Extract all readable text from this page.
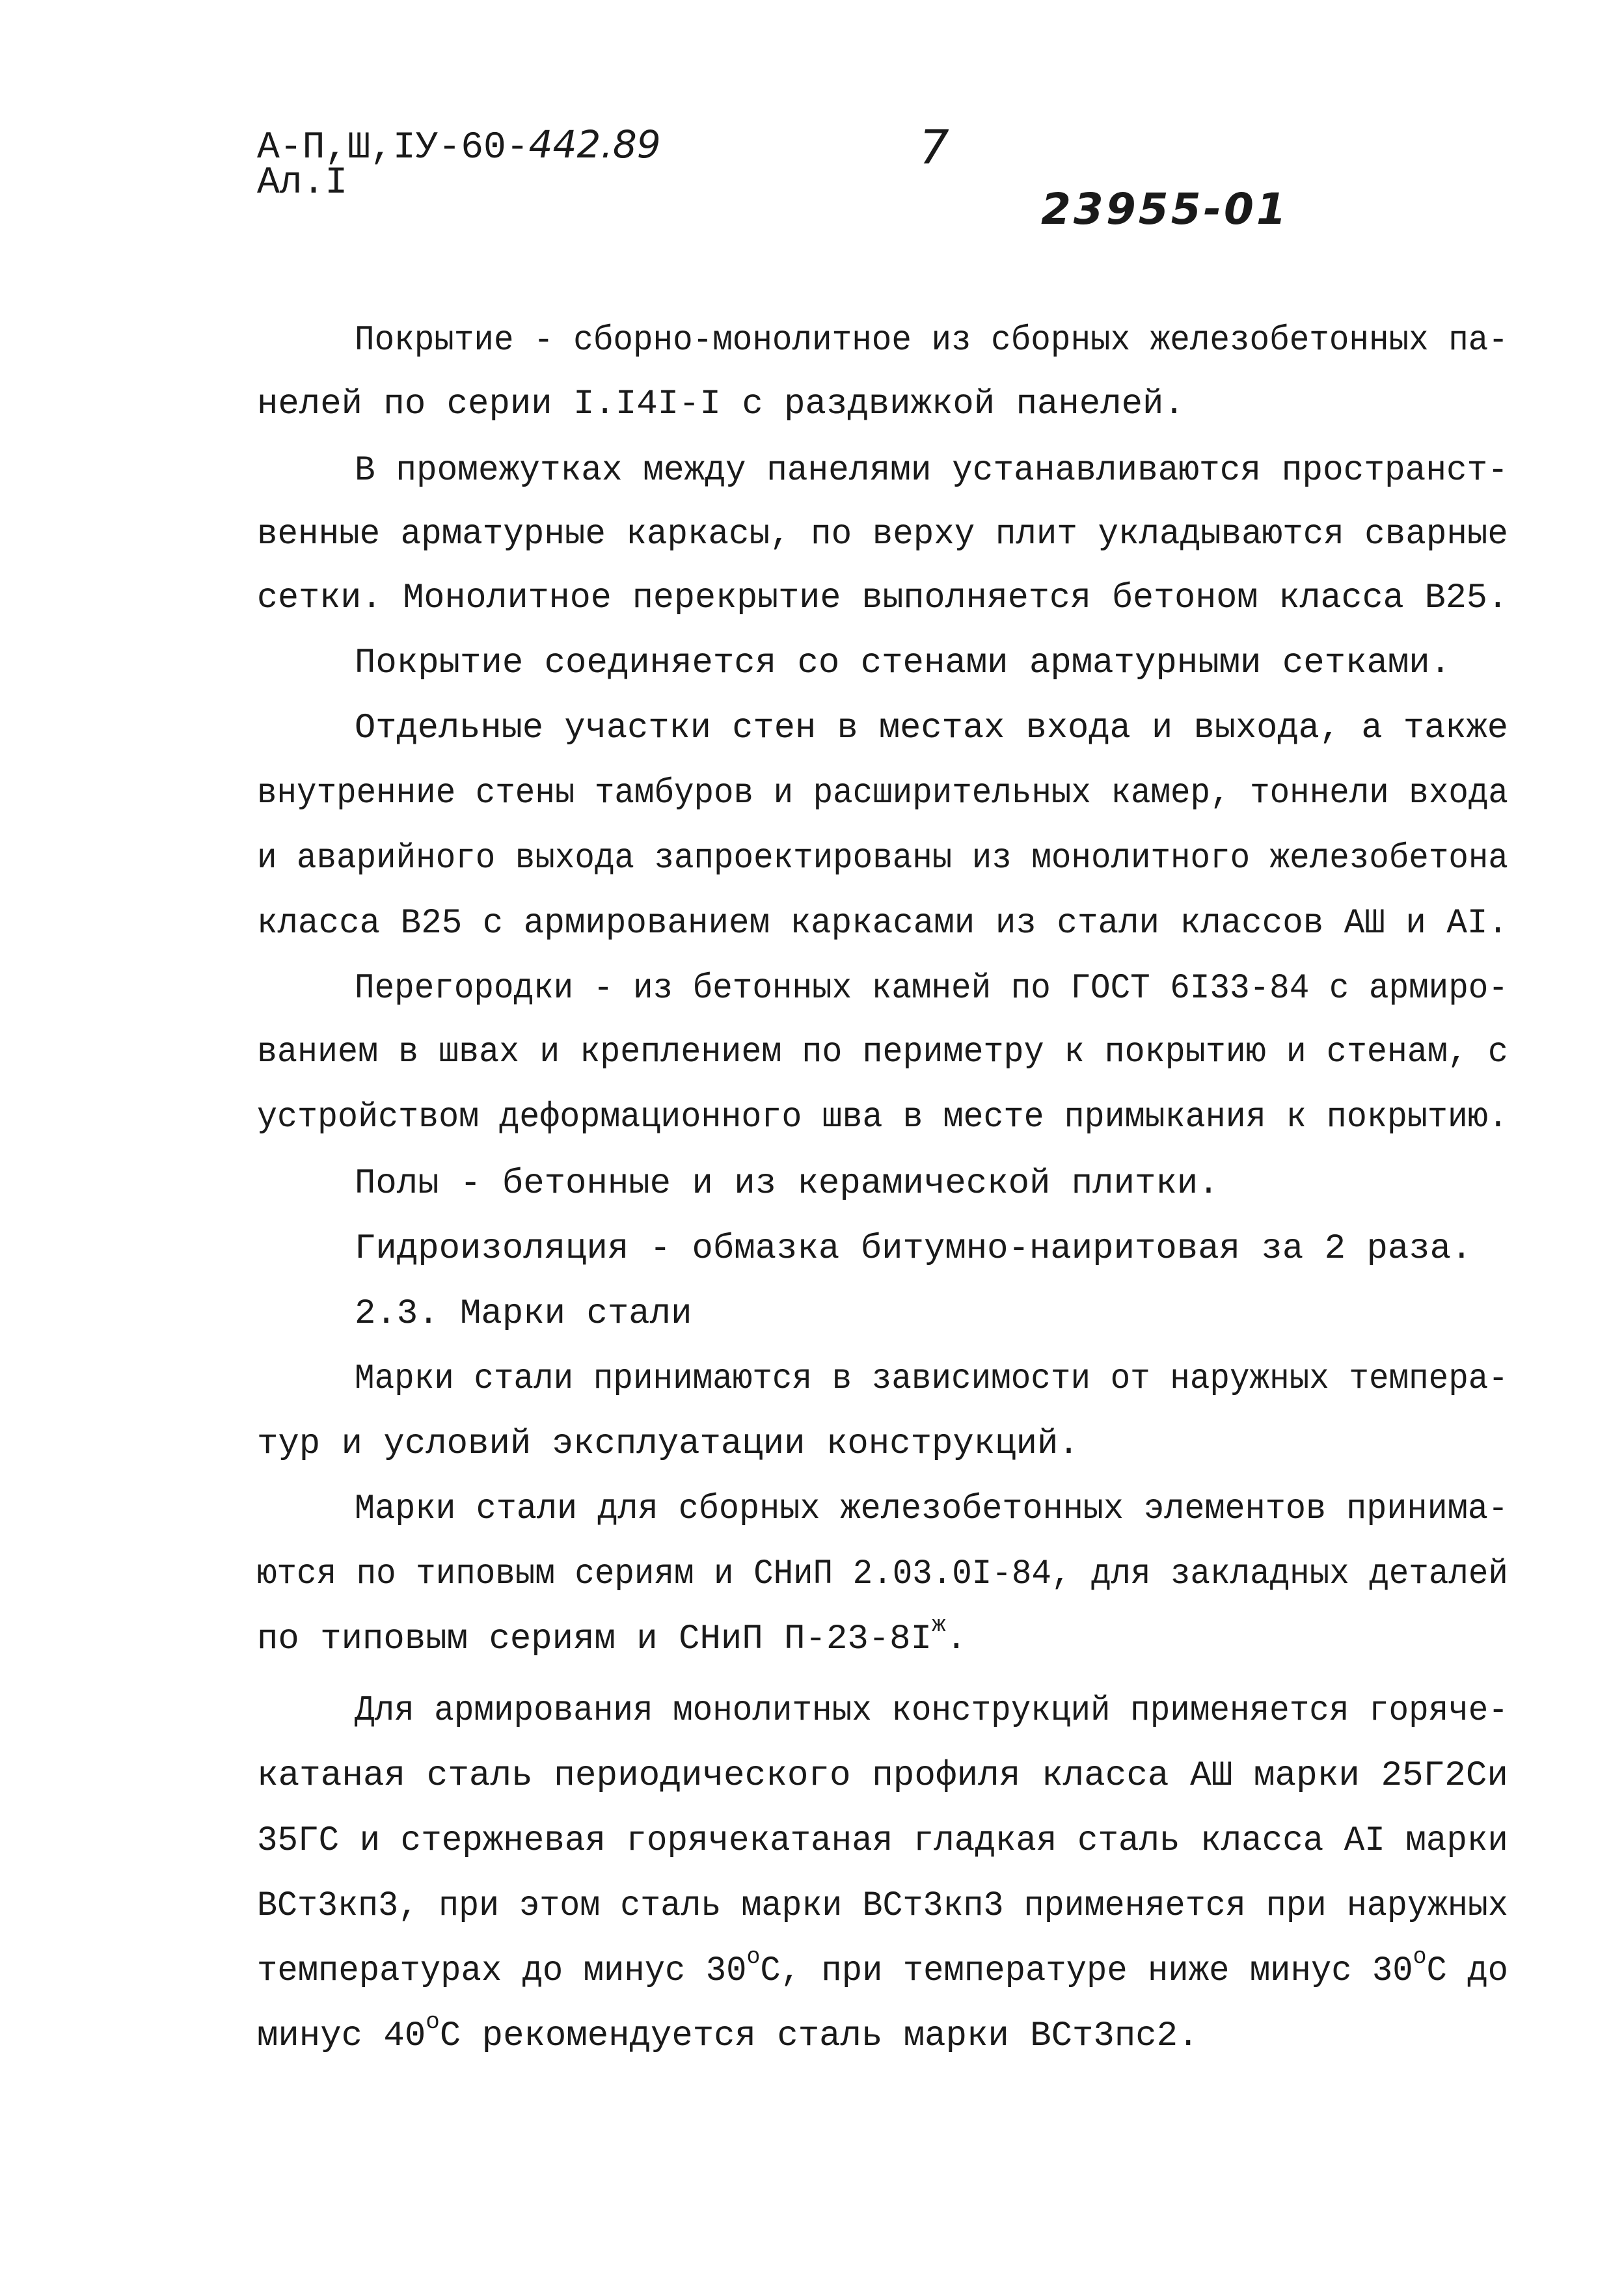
А-П,Ш,IУ-60-442.89
Ал.I
7
23955-01
Покрытие - сборно-монолитное из сборных железобетонных па-
нелей по серии I.I4I-I с раздвижкой панелей.
В промежутках между панелями устанавливаются пространст-
венные арматурные каркасы, по верху плит укладываются сварные
сетки. Монолитное перекрытие выполняется бетоном класса В25.
Покрытие соединяется со стенами арматурными сетками.
Отдельные участки стен в местах входа и выхода, а также
внутренние стены тамбуров и расширительных камер, тоннели входа
и аварийного выхода запроектированы из монолитного железобетона
класса В25 с армированием каркасами из стали классов АШ и АI.
Перегородки - из бетонных камней по ГОСТ 6I33-84 с армиро-
ванием в швах и креплением по периметру к покрытию и стенам, с
устройством деформационного шва в месте примыкания к покрытию.
Полы - бетонные и из керамической плитки.
Гидроизоляция - обмазка битумно-наиритовая за 2 раза.
2.3. Марки стали
Марки стали принимаются в зависимости от наружных темпера-
тур и условий эксплуатации конструкций.
Марки стали для сборных железобетонных элементов принима-
ются по типовым сериям и СНиП 2.03.0I-84, для закладных деталей
по типовым сериям и СНиП $П-23-8I^ж$.
Для армирования монолитных конструкций применяется горяче-
катаная сталь периодического профиля класса АШ марки 25Г2Си
35ГС и стержневая горячекатаная гладкая сталь класса АI марки
ВСт3кп3, при этом сталь марки ВСт3кп3 применяется при наружных
температурах до минус $30^оС$, при температуре ниже минус $30^оС$ до
минус $40^оС$ рекомендуется сталь марки ВСт3пс2.
